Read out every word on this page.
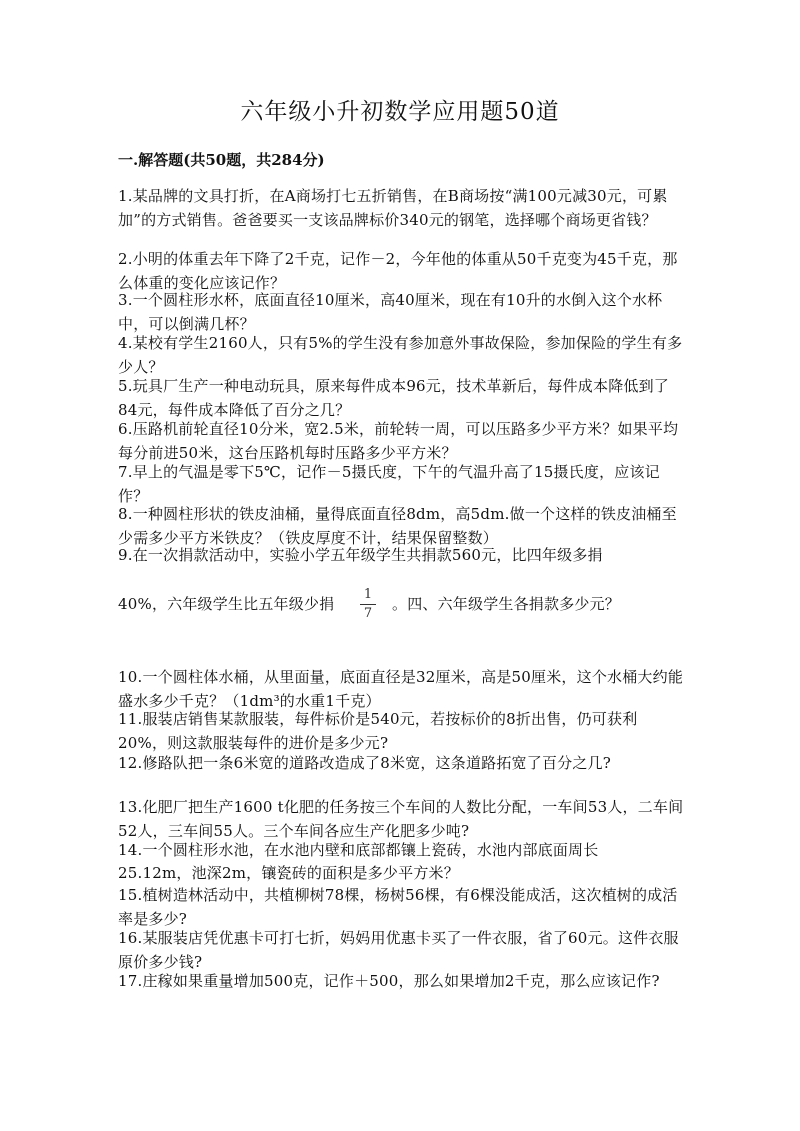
六年级小升初数学应用题50道

一.解答题(共50题，共284分)

1.某品牌的文具打折，在A商场打七五折销售，在B商场按“满100元减30元，可累加”的方式销售。爸爸要买一支该品牌标价340元的钢笔，选择哪个商场更省钱？

2.小明的体重去年下降了2千克，记作－2，今年他的体重从50千克变为45千克，那么体重的变化应该记作？

3.一个圆柱形水杯，底面直径10厘米，高40厘米，现在有10升的水倒入这个水杯中，可以倒满几杯？

4.某校有学生2160人，只有5%的学生没有参加意外事故保险，参加保险的学生有多少人？

5.玩具厂生产一种电动玩具，原来每件成本96元，技术革新后，每件成本降低到了84元，每件成本降低了百分之几？

6.压路机前轮直径10分米，宽2.5米，前轮转一周，可以压路多少平方米？如果平均每分前进50米，这台压路机每时压路多少平方米？

7.早上的气温是零下5℃，记作－5摄氏度，下午的气温升高了15摄氏度，应该记作？

8.一种圆柱形状的铁皮油桶，量得底面直径8dm，高5dm.做一个这样的铁皮油桶至少需多少平方米铁皮？（铁皮厚度不计，结果保留整数）

9.在一次捐款活动中，实验小学五年级学生共捐款560元，比四年级多捐

40%，六年级学生比五年级少捐

1
7

。四、六年级学生各捐款多少元？

10.一个圆柱体水桶，从里面量，底面直径是32厘米，高是50厘米，这个水桶大约能盛水多少千克？（1dm³的水重1千克）

11.服装店销售某款服装，每件标价是540元，若按标价的8折出售，仍可获利20%，则这款服装每件的进价是多少元?

12.修路队把一条6米宽的道路改造成了8米宽，这条道路拓宽了百分之几?

13.化肥厂把生产1600 t化肥的任务按三个车间的人数比分配，一车间53人，二车间52人，三车间55人。三个车间各应生产化肥多少吨?

14.一个圆柱形水池，在水池内壁和底部都镶上瓷砖，水池内部底面周长

25.12m，池深2m，镶瓷砖的面积是多少平方米？

15.植树造林活动中，共植柳树78棵，杨树56棵，有6棵没能成活，这次植树的成活率是多少?

16.某服装店凭优惠卡可打七折，妈妈用优惠卡买了一件衣服，省了60元。这件衣服原价多少钱?

17.庄稼如果重量增加500克，记作＋500，那么如果增加2千克，那么应该记作?
